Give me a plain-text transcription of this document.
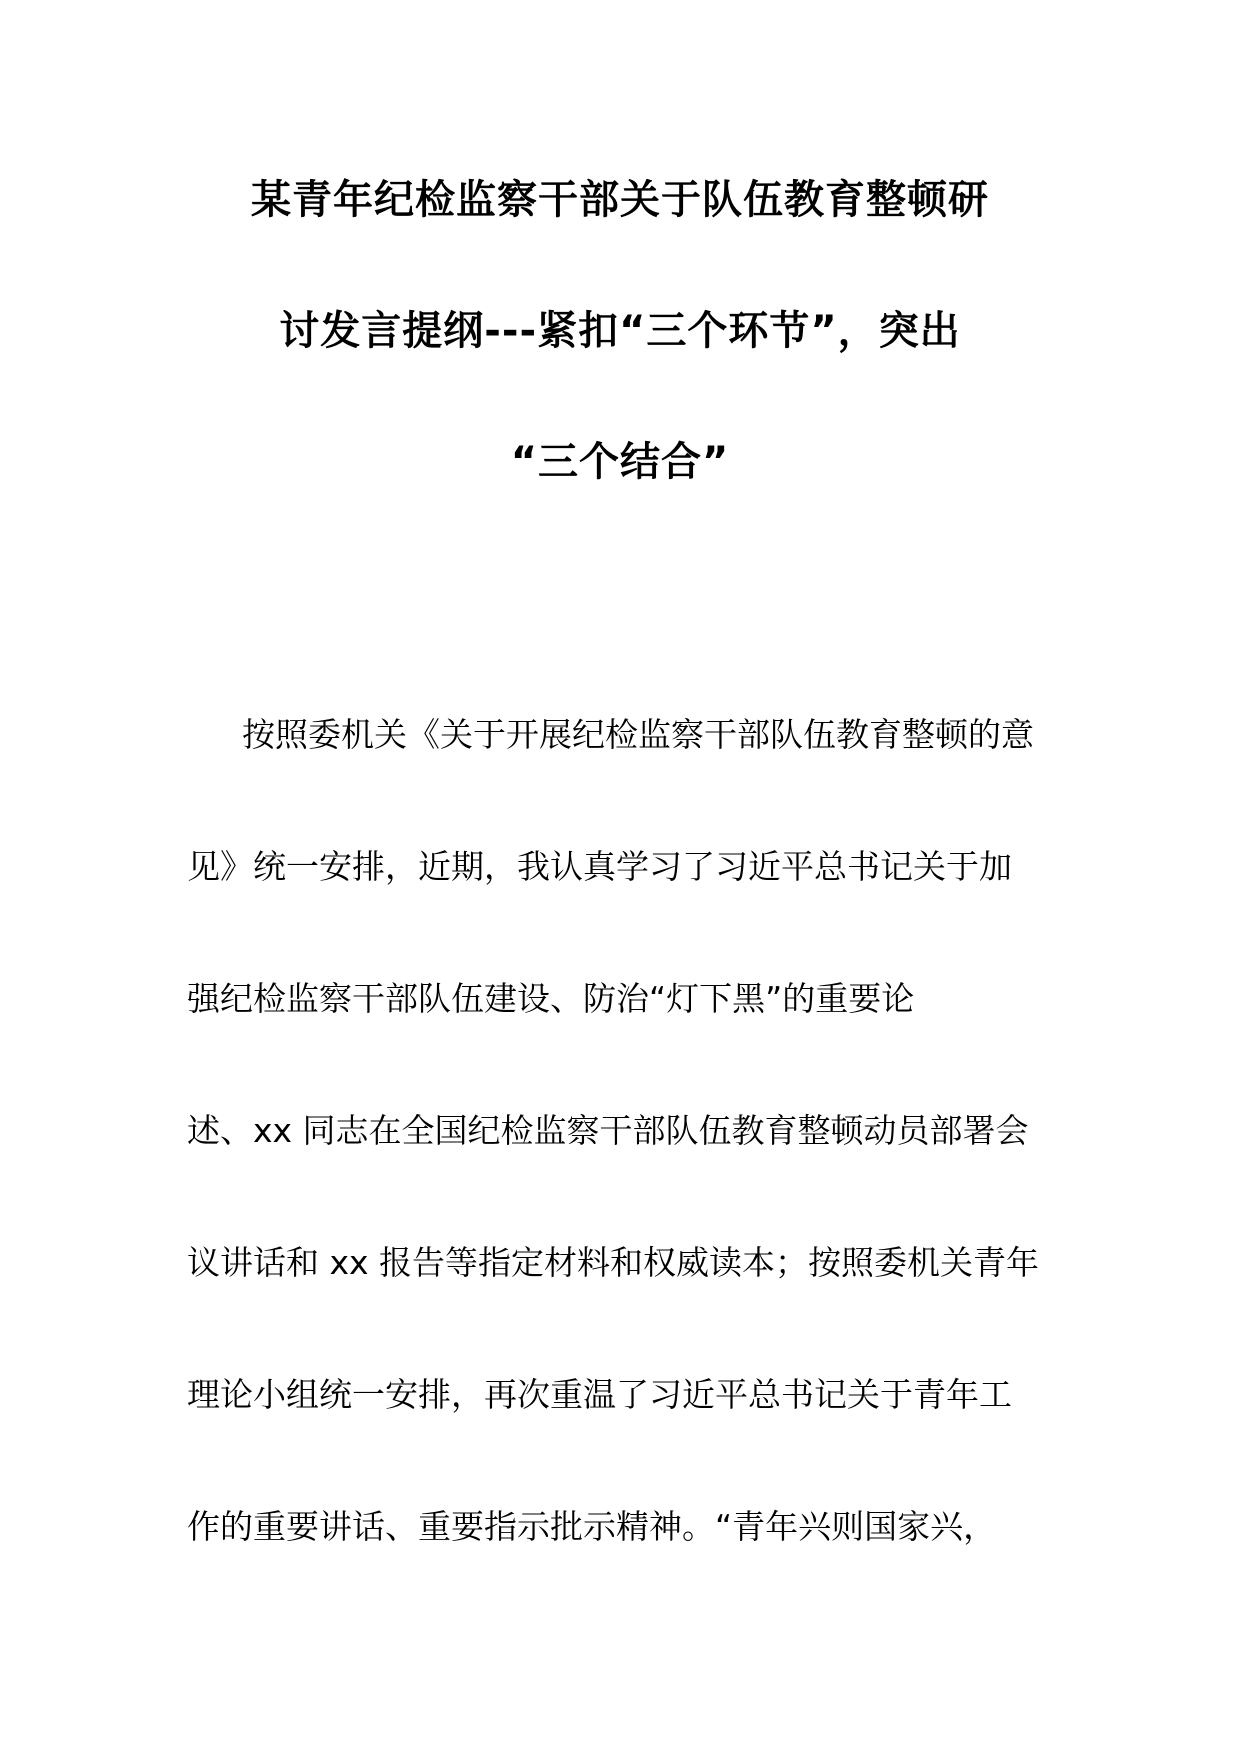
某青年纪检监察干部关于队伍教育整顿研
讨发言提纲---紧扣“三个环节”，突出
“三个结合”
按照委机关《关于开展纪检监察干部队伍教育整顿的意
见》统一安排，近期，我认真学习了习近平总书记关于加
强纪检监察干部队伍建设、防治“灯下黑”的重要论
述、xx 同志在全国纪检监察干部队伍教育整顿动员部署会
议讲话和 xx 报告等指定材料和权威读本；按照委机关青年
理论小组统一安排，再次重温了习近平总书记关于青年工
作的重要讲话、重要指示批示精神。“青年兴则国家兴，
